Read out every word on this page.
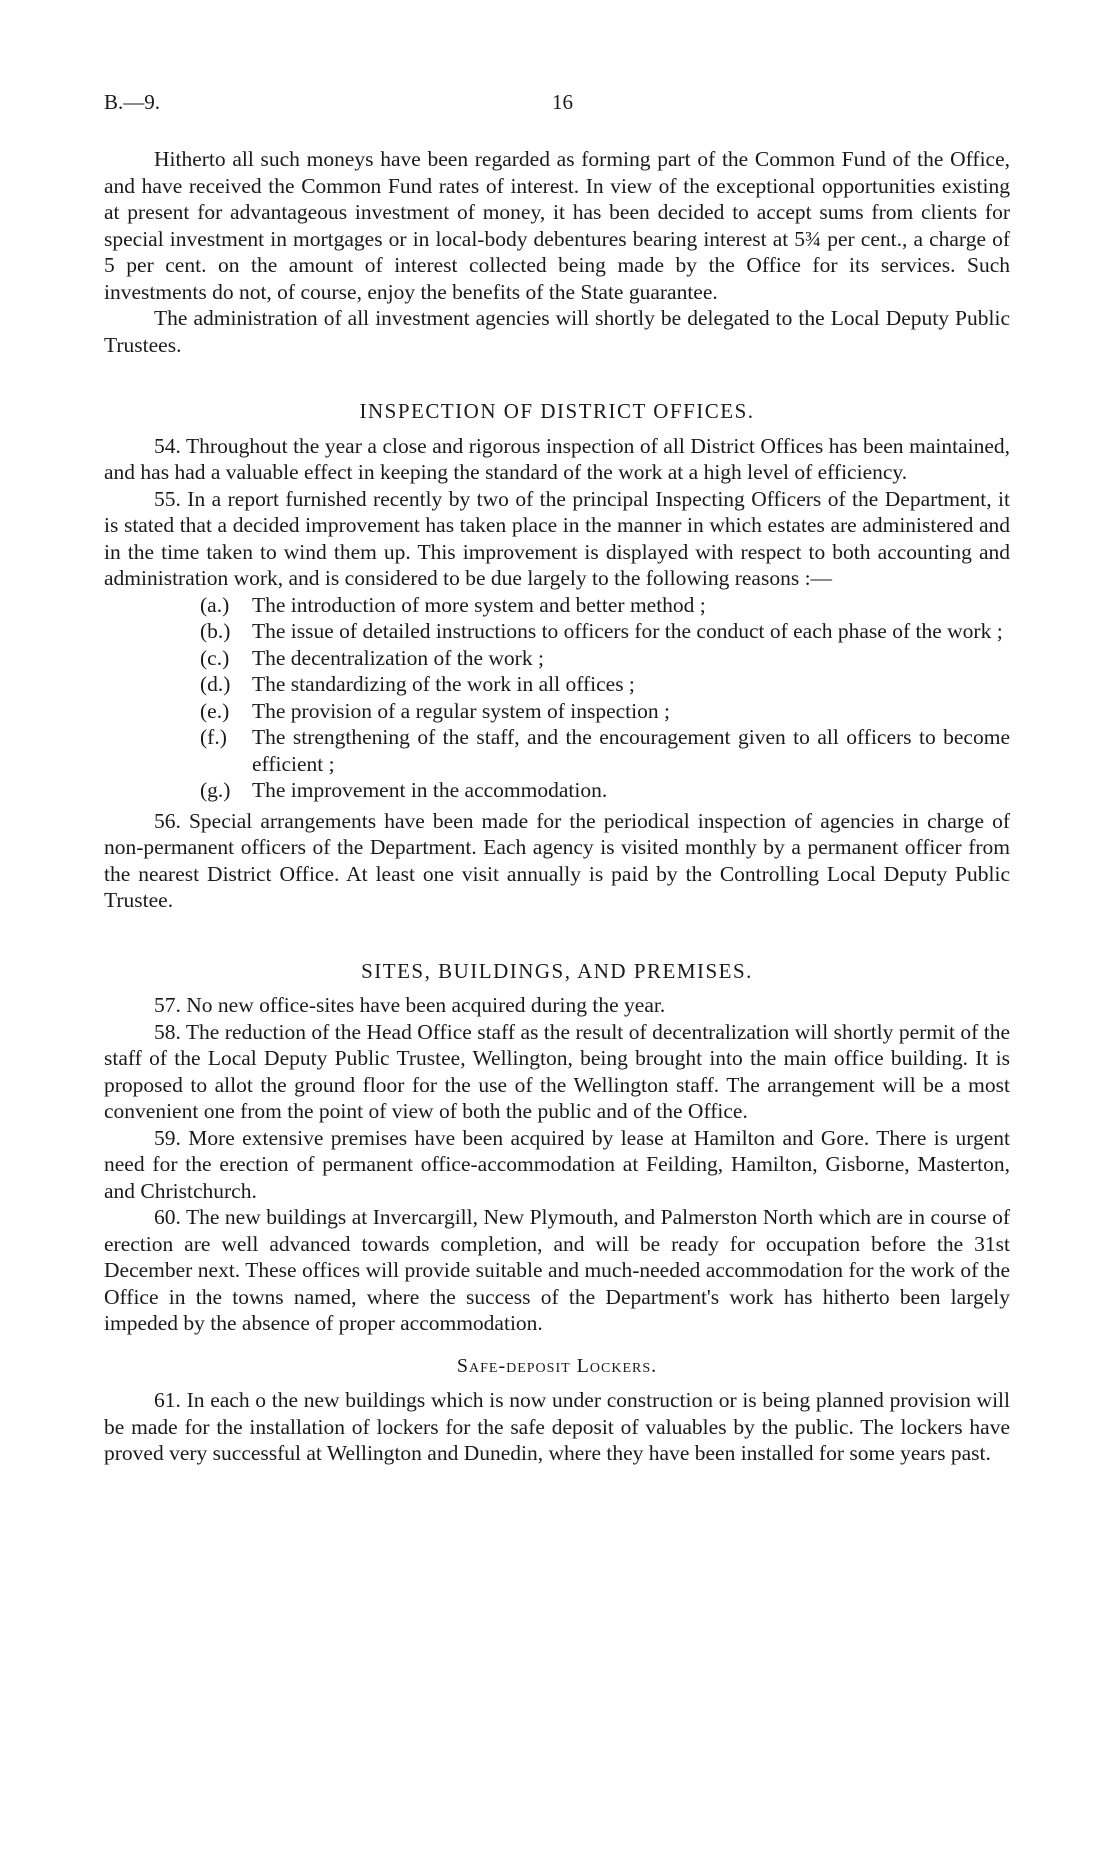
B.—9.	16

Hitherto all such moneys have been regarded as forming part of the Common Fund of the Office, and have received the Common Fund rates of interest. In view of the exceptional opportunities existing at present for advantageous investment of money, it has been decided to accept sums from clients for special investment in mortgages or in local-body debentures bearing interest at 5¾ per cent., a charge of 5 per cent. on the amount of interest collected being made by the Office for its services. Such investments do not, of course, enjoy the benefits of the State guarantee.

The administration of all investment agencies will shortly be delegated to the Local Deputy Public Trustees.

INSPECTION OF DISTRICT OFFICES.

54. Throughout the year a close and rigorous inspection of all District Offices has been maintained, and has had a valuable effect in keeping the standard of the work at a high level of efficiency.

55. In a report furnished recently by two of the principal Inspecting Officers of the Department, it is stated that a decided improvement has taken place in the manner in which estates are administered and in the time taken to wind them up. This improvement is displayed with respect to both accounting and administration work, and is considered to be due largely to the following reasons :—

(a.) The introduction of more system and better method ;
(b.) The issue of detailed instructions to officers for the conduct of each phase of the work ;
(c.) The decentralization of the work ;
(d.) The standardizing of the work in all offices ;
(e.) The provision of a regular system of inspection ;
(f.) The strengthening of the staff, and the encouragement given to all officers to become efficient ;
(g.) The improvement in the accommodation.

56. Special arrangements have been made for the periodical inspection of agencies in charge of non-permanent officers of the Department. Each agency is visited monthly by a permanent officer from the nearest District Office. At least one visit annually is paid by the Controlling Local Deputy Public Trustee.

SITES, BUILDINGS, AND PREMISES.

57. No new office-sites have been acquired during the year.

58. The reduction of the Head Office staff as the result of decentralization will shortly permit of the staff of the Local Deputy Public Trustee, Wellington, being brought into the main office building. It is proposed to allot the ground floor for the use of the Wellington staff. The arrangement will be a most convenient one from the point of view of both the public and of the Office.

59. More extensive premises have been acquired by lease at Hamilton and Gore. There is urgent need for the erection of permanent office-accommodation at Feilding, Hamilton, Gisborne, Masterton, and Christchurch.

60. The new buildings at Invercargill, New Plymouth, and Palmerston North which are in course of erection are well advanced towards completion, and will be ready for occupation before the 31st December next. These offices will provide suitable and much-needed accommodation for the work of the Office in the towns named, where the success of the Department's work has hitherto been largely impeded by the absence of proper accommodation.

Safe-deposit Lockers.

61. In each o the new buildings which is now under construction or is being planned provision will be made for the installation of lockers for the safe deposit of valuables by the public. The lockers have proved very successful at Wellington and Dunedin, where they have been installed for some years past.
